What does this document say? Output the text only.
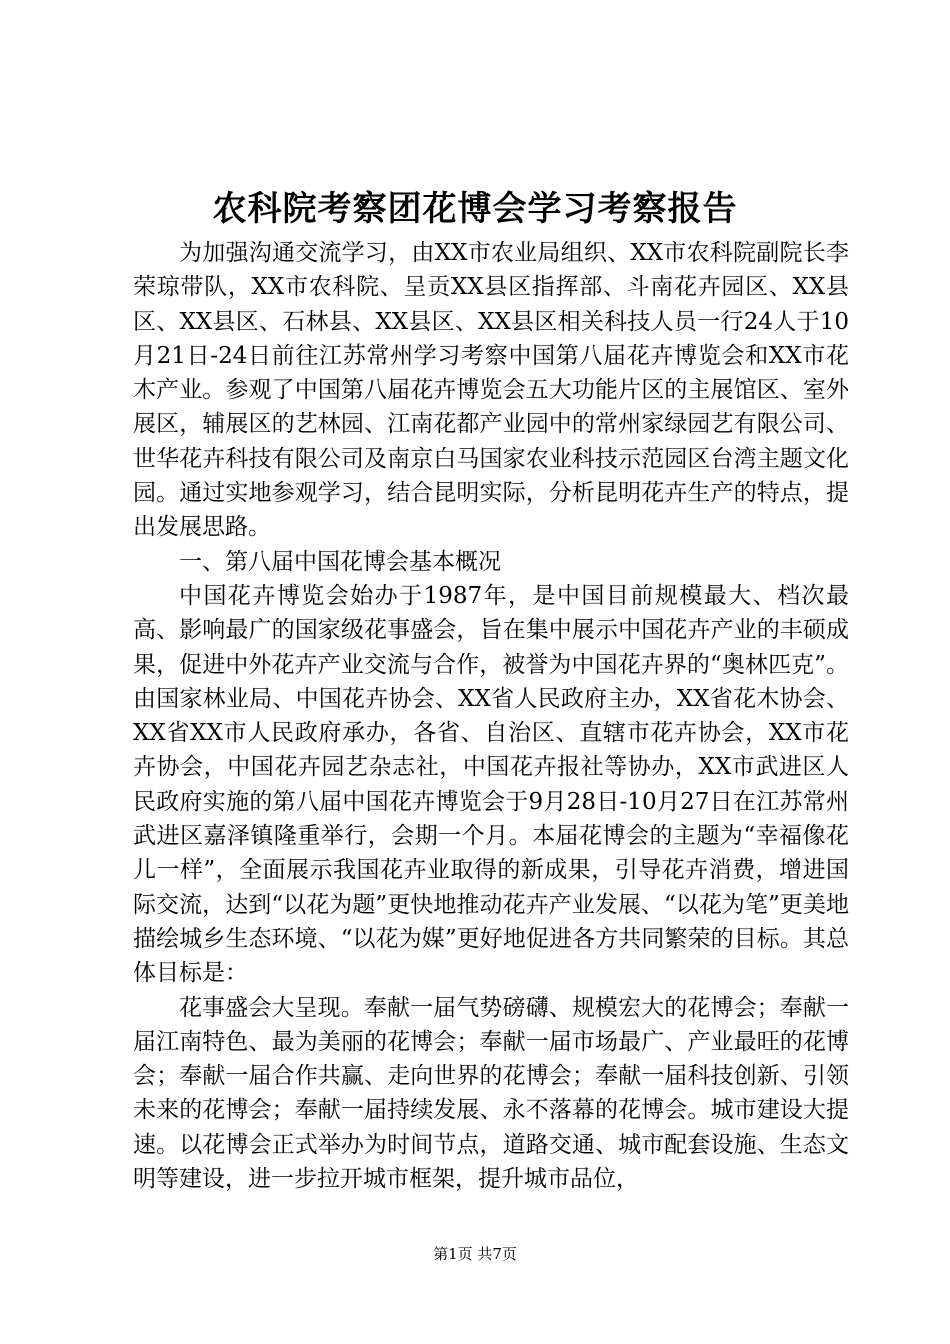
农科院考察团花博会学习考察报告

为加强沟通交流学习，由XX市农业局组织、XX市农科院副院长李荣琼带队，XX市农科院、呈贡XX县区指挥部、斗南花卉园区、XX县区、XX县区、石林县、XX县区、XX县区相关科技人员一行24人于10月21日-24日前往江苏常州学习考察中国第八届花卉博览会和XX市花木产业。参观了中国第八届花卉博览会五大功能片区的主展馆区、室外展区，辅展区的艺林园、江南花都产业园中的常州家绿园艺有限公司、世华花卉科技有限公司及南京白马国家农业科技示范园区台湾主题文化园。通过实地参观学习，结合昆明实际，分析昆明花卉生产的特点，提出发展思路。

一、第八届中国花博会基本概况

中国花卉博览会始办于1987年，是中国目前规模最大、档次最高、影响最广的国家级花事盛会，旨在集中展示中国花卉产业的丰硕成果，促进中外花卉产业交流与合作，被誉为中国花卉界的“奥林匹克”。由国家林业局、中国花卉协会、XX省人民政府主办，XX省花木协会、XX省XX市人民政府承办，各省、自治区、直辖市花卉协会，XX市花卉协会，中国花卉园艺杂志社，中国花卉报社等协办，XX市武进区人民政府实施的第八届中国花卉博览会于9月28日-10月27日在江苏常州武进区嘉泽镇隆重举行，会期一个月。本届花博会的主题为“幸福像花儿一样”，全面展示我国花卉业取得的新成果，引导花卉消费，增进国际交流，达到“以花为题”更快地推动花卉产业发展、“以花为笔”更美地描绘城乡生态环境、“以花为媒”更好地促进各方共同繁荣的目标。其总体目标是：

花事盛会大呈现。奉献一届气势磅礴、规模宏大的花博会；奉献一届江南特色、最为美丽的花博会；奉献一届市场最广、产业最旺的花博会；奉献一届合作共赢、走向世界的花博会；奉献一届科技创新、引领未来的花博会；奉献一届持续发展、永不落幕的花博会。城市建设大提速。以花博会正式举办为时间节点，道路交通、城市配套设施、生态文明等建设，进一步拉开城市框架，提升城市品位，

第1页 共7页
